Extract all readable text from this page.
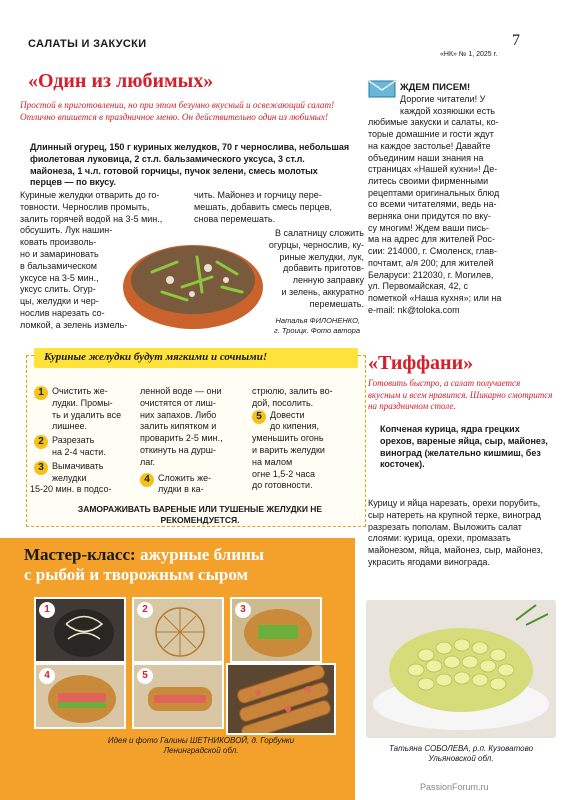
САЛАТЫ И ЗАКУСКИ	7
«НК» № 1, 2025 г.
«Один из любимых»
Простой в приготовлении, но при этом безумно вкусный и освежающий салат! Отлично впишется в праздничное меню. Он действительно один из любимых!
Длинный огурец, 150 г куриных желудков, 70 г чернослива, небольшая фиолетовая луковица, 2 ст.л. бальзамического уксуса, 3 ст.л. майонеза, 1 ч.л. готовой горчицы, пучок зелени, смесь молотых перцев — по вкусу.
Куриные желудки отварить до го-
товности. Чернослив промыть,
залить горячей водой на 3-5 мин.,
обсушить. Лук нашин-
ковать произволь-
но и замариновать
в бальзамическом
уксусе на 3-5 мин.,
уксус слить. Огур-
цы, желудки и чер-
нослив нарезать со-
ломкой, а зелень измель-
чить. Майонез и горчицу пере-
мешать, добавить смесь перцев,
снова перемешать.
В салатницу сложить
огурцы, чернослив, ку-
риные желудки, лук,
добавить приготов-
ленную заправку
и зелень, аккуратно
перемешать.
Наталья ФИЛОНЕНКО,
г. Троицк. Фото автора
ЖДЕМ ПИСЕМ!
Дорогие читатели! У
каждой хозяюшки есть
любимые закуски и салаты, ко-
торые домашние и гости ждут
на каждое застолье! Давайте
объединим наши знания на
страницах «Нашей кухни»! Де-
литесь своими фирменными
рецептами оригинальных блюд
со всеми читателями, ведь на-
верняка они придутся по вку-
су многим! Ждем ваши пись-
ма на адрес для жителей Рос-
сии: 214000, г. Смоленск, глав-
почтамт, а/я 200; для жителей
Беларуси: 212030, г. Могилев,
ул. Первомайская, 42, с
пометкой «Наша кухня»; или на
e-mail: nk@toloka.com
Куриные желудки будут мягкими и сочными!
1 Очистить же-
лудки. Промы-
ть и удалить все
лишнее.
2 Разрезать
на 2-4 части.
3 Вымачивать
желудки
15-20 мин. в подсо-
ленной воде — они
очистятся от лиш-
них запахов. Либо
залить кипятком и
проварить 2-5 мин.,
откинуть на дурш-
лаг.
4 Сложить же-
лудки в ка-
стрюлю, залить во-
дой, посолить.
5 Довести
до кипения,
уменьшить огонь
и варить желудки
на малом
огне 1,5-2 часа
до готовности.
ЗАМОРАЖИВАТЬ ВАРЕНЫЕ ИЛИ ТУШЕНЫЕ ЖЕЛУДКИ НЕ РЕКОМЕНДУЕТСЯ.
«Тиффани»
Готовить быстро, а салат получается вкусным и всем нравится. Шикарно смотрится на праздничном столе.
Копченая курица, ядра грецких орехов, вареные яйца, сыр, майонез, виноград (желательно кишмиш, без косточек).
Курицу и яйца нарезать, орехи порубить, сыр натереть на крупной терке, виноград разрезать пополам. Выложить салат слоями: курица, орехи, промазать майонезом, яйца, майонез, сыр, майонез, украсить ягодами винограда.
Татьяна СОБОЛЕВА, р.п. Кузоватово Ульяновской обл.
Мастер-класс: ажурные блины
с рыбой и творожным сыром
1	2	3
4	5
Идея и фото Галины ШЕТНИКОВОЙ, д. Горбунки Ленинградской обл.
PassionForum.ru
